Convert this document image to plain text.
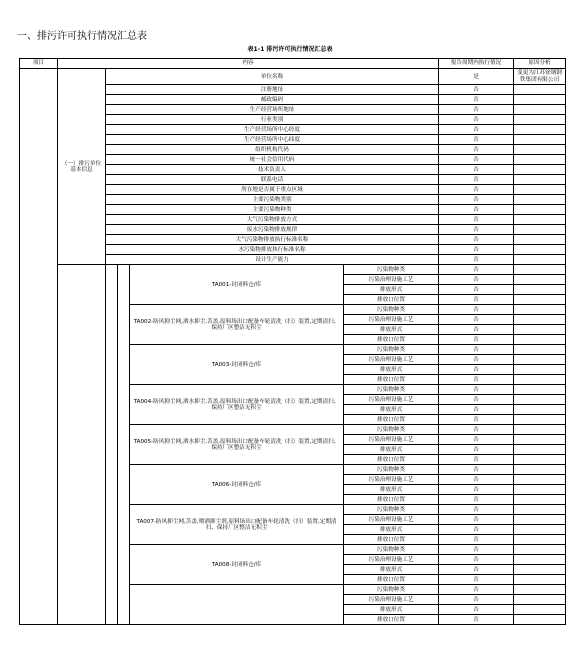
一、排污许可执行情况汇总表
表1-1 排污许可执行情况汇总表
项目	内容					报告周期内执行情况	原因分析
	（一）排污单位基本信息	单位名称				是	变更为江苏徐钢钢铁集团有限公司
		注册地址				否	
		邮政编码				否	
		生产经营场所地址				否	
		行业类别				否	
		生产经营场所中心经度				否	
		生产经营场所中心纬度				否	
		组织机构代码				否	
		统一社会信用代码				否	
		技术负责人				否	
		联系电话				否	
		所在地是否属于重点区域				否	
		主要污染物类别				否	
		主要污染物种类				否	
		大气污染物排放方式				否	
		废水污染物排放规律				否	
		大气污染物排放执行标准名称				否	
		水污染物排放执行标准名称				否	
		设计生产能力				否	
				TA001-封闭料仓/库	污染物种类	否	
					污染治理设施工艺	否	
					排放形式	否	
					排放口位置	否	
				TA002-防风抑尘网,洒水抑尘,苫盖,原料场出口配备车轮清洗（扫）装置,定期清扫、保持厂区整洁无积尘	污染物种类	否	
					污染治理设施工艺	否	
					排放形式	否	
					排放口位置	否	
				TA003-封闭料仓/库	污染物种类	否	
					污染治理设施工艺	否	
					排放形式	否	
					排放口位置	否	
				TA004-防风抑尘网,洒水抑尘,苫盖,原料场出口配备车轮清洗（扫）装置,定期清扫、保持厂区整洁无积尘	污染物种类	否	
					污染治理设施工艺	否	
					排放形式	否	
					排放口位置	否	
				TA005-防风抑尘网,洒水抑尘,苫盖,原料场出口配备车轮清洗（扫）装置,定期清扫、保持厂区整洁无积尘	污染物种类	否	
					污染治理设施工艺	否	
					排放形式	否	
					排放口位置	否	
				TA006-封闭料仓/库	污染物种类	否	
					污染治理设施工艺	否	
					排放形式	否	
					排放口位置	否	
				TA007-防风抑尘网,苫盖,喷洒抑尘剂,原料场出口配备车轮清洗（扫）装置,定期清扫、保持厂区整洁无积尘	污染物种类	否	
					污染治理设施工艺	否	
					排放形式	否	
					排放口位置	否	
				TA008-封闭料仓/库	污染物种类	否	
					污染治理设施工艺	否	
					排放形式	否	
					排放口位置	否	
					污染物种类	否	
					污染治理设施工艺	否	
					排放形式	否	
					排放口位置	否	
